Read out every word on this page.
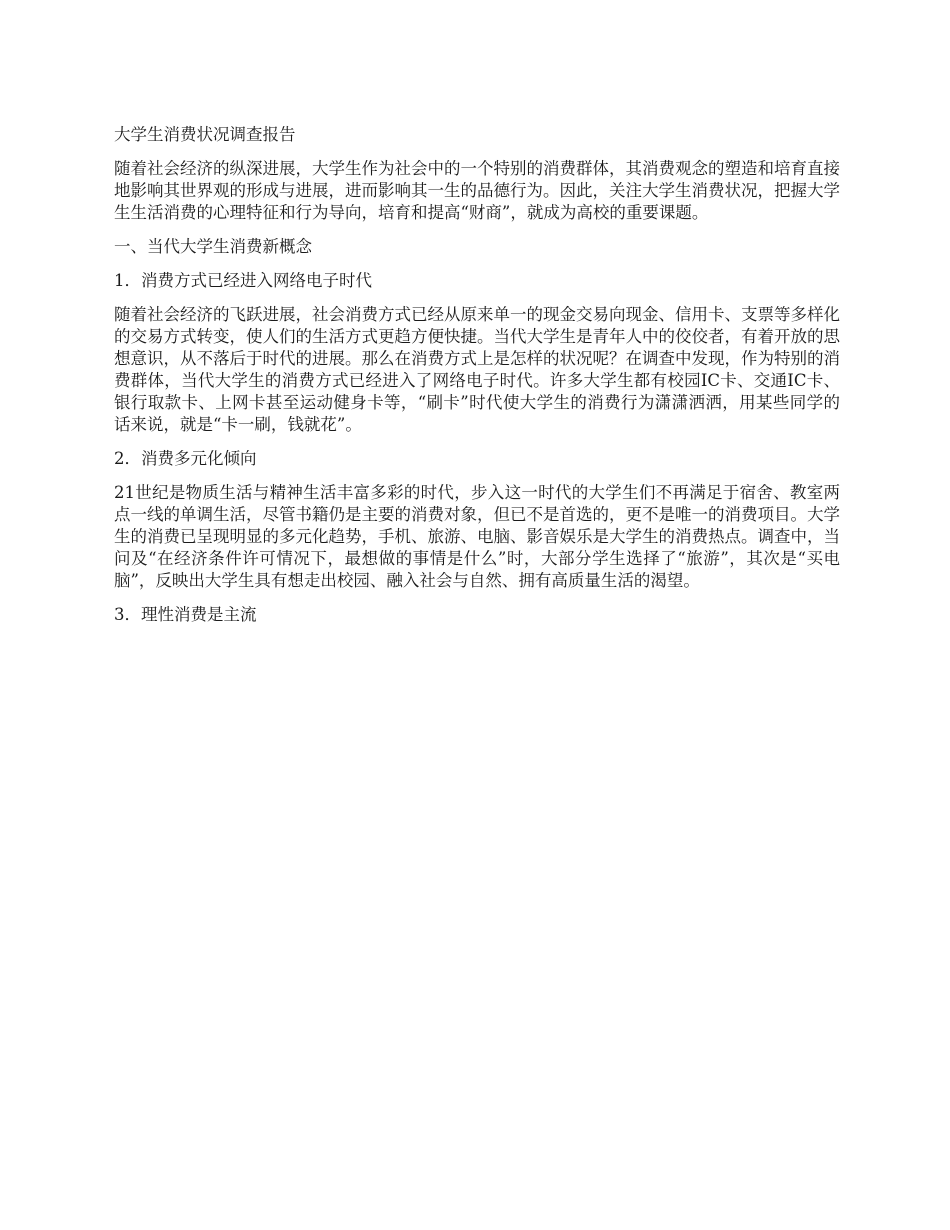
大学生消费状况调查报告

随着社会经济的纵深进展，大学生作为社会中的一个特别的消费群体，其消费观念的塑造和培育直接地影响其世界观的形成与进展，进而影响其一生的品德行为。因此，关注大学生消费状况，把握大学生生活消费的心理特征和行为导向，培育和提高“财商”，就成为高校的重要课题。

一、当代大学生消费新概念

1．消费方式已经进入网络电子时代

随着社会经济的飞跃进展，社会消费方式已经从原来单一的现金交易向现金、信用卡、支票等多样化的交易方式转变，使人们的生活方式更趋方便快捷。当代大学生是青年人中的佼佼者，有着开放的思想意识，从不落后于时代的进展。那么在消费方式上是怎样的状况呢？在调查中发现，作为特别的消费群体，当代大学生的消费方式已经进入了网络电子时代。许多大学生都有校园IC卡、交通IC卡、银行取款卡、上网卡甚至运动健身卡等，“刷卡”时代使大学生的消费行为潇潇洒洒，用某些同学的话来说，就是“卡一刷，钱就花”。

2．消费多元化倾向

21世纪是物质生活与精神生活丰富多彩的时代，步入这一时代的大学生们不再满足于宿舍、教室两点一线的单调生活，尽管书籍仍是主要的消费对象，但已不是首选的，更不是唯一的消费项目。大学生的消费已呈现明显的多元化趋势，手机、旅游、电脑、影音娱乐是大学生的消费热点。调查中，当问及“在经济条件许可情况下，最想做的事情是什么”时，大部分学生选择了“旅游”，其次是“买电脑”，反映出大学生具有想走出校园、融入社会与自然、拥有高质量生活的渴望。

3．理性消费是主流
